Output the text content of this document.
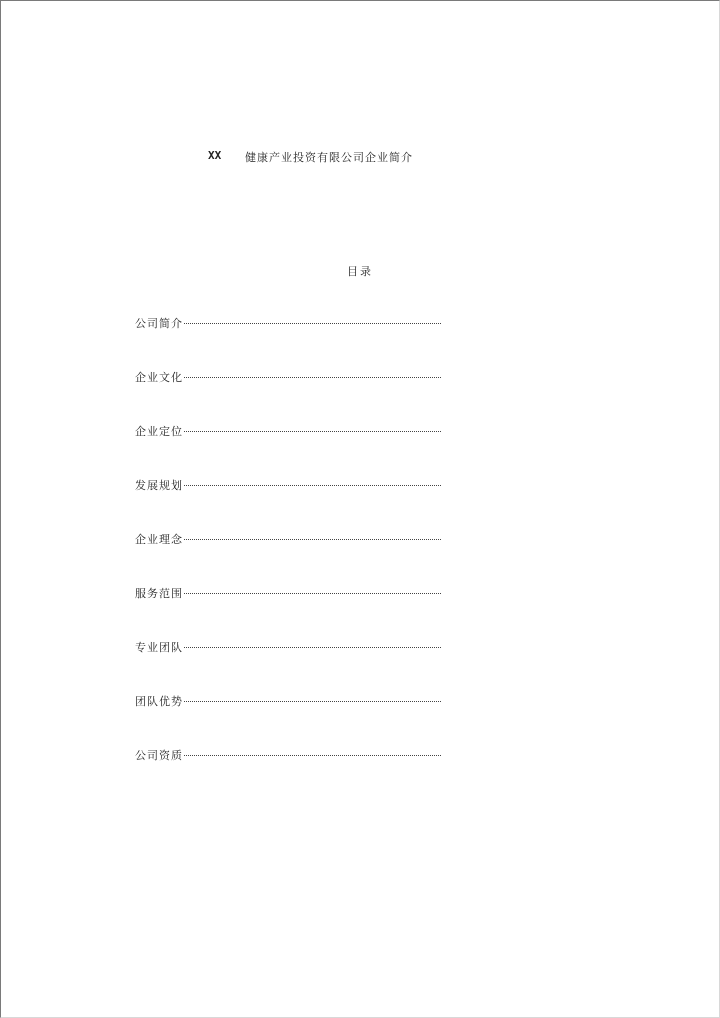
XX 健康产业投资有限公司企业简介
目录
公司简介
企业文化
企业定位
发展规划
企业理念
服务范围
专业团队
团队优势
公司资质
